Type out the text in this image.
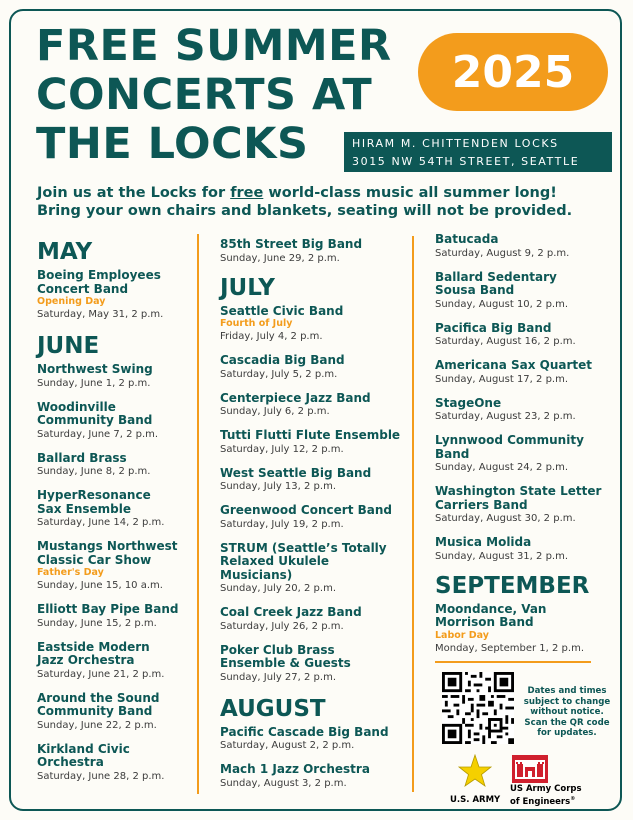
FREE SUMMER
CONCERTS AT
THE LOCKS
2025
HIRAM M. CHITTENDEN LOCKS
3015 NW 54TH STREET, SEATTLE
Join us at the Locks for free world-class music all summer long!
Bring your own chairs and blankets, seating will not be provided.
MAY
Boeing Employees
Concert Band
Opening Day
Saturday, May 31, 2 p.m.
JUNE
Northwest Swing
Sunday, June 1, 2 p.m.
Woodinville
Community Band
Saturday, June 7, 2 p.m.
Ballard Brass
Sunday, June 8, 2 p.m.
HyperResonance
Sax Ensemble
Saturday, June 14, 2 p.m.
Mustangs Northwest
Classic Car Show
Father's Day
Sunday, June 15, 10 a.m.
Elliott Bay Pipe Band
Sunday, June 15, 2 p.m.
Eastside Modern
Jazz Orchestra
Saturday, June 21, 2 p.m.
Around the Sound
Community Band
Sunday, June 22, 2 p.m.
Kirkland Civic
Orchestra
Saturday, June 28, 2 p.m.
85th Street Big Band
Sunday, June 29, 2 p.m.
JULY
Seattle Civic Band
Fourth of July
Friday, July 4, 2 p.m.
Cascadia Big Band
Saturday, July 5, 2 p.m.
Centerpiece Jazz Band
Sunday, July 6, 2 p.m.
Tutti Flutti Flute Ensemble
Saturday, July 12, 2 p.m.
West Seattle Big Band
Sunday, July 13, 2 p.m.
Greenwood Concert Band
Saturday, July 19, 2 p.m.
STRUM (Seattle’s Totally
Relaxed Ukulele Musicians)
Sunday, July 20, 2 p.m.
Coal Creek Jazz Band
Saturday, July 26, 2 p.m.
Poker Club Brass
Ensemble & Guests
Sunday, July 27, 2 p.m.
AUGUST
Pacific Cascade Big Band
Saturday, August 2, 2 p.m.
Mach 1 Jazz Orchestra
Sunday, August 3, 2 p.m.
Batucada
Saturday, August 9, 2 p.m.
Ballard Sedentary
Sousa Band
Sunday, August 10, 2 p.m.
Pacifica Big Band
Saturday, August 16, 2 p.m.
Americana Sax Quartet
Sunday, August 17, 2 p.m.
StageOne
Saturday, August 23, 2 p.m.
Lynnwood Community
Band
Sunday, August 24, 2 p.m.
Washington State Letter
Carriers Band
Saturday, August 30, 2 p.m.
Musica Molida
Sunday, August 31, 2 p.m.
SEPTEMBER
Moondance, Van
Morrison Band
Labor Day
Monday, September 1, 2 p.m.
Dates and times
subject to change
without notice.
Scan the QR code
for updates.
U.S. ARMY
US Army Corps
of Engineers®
